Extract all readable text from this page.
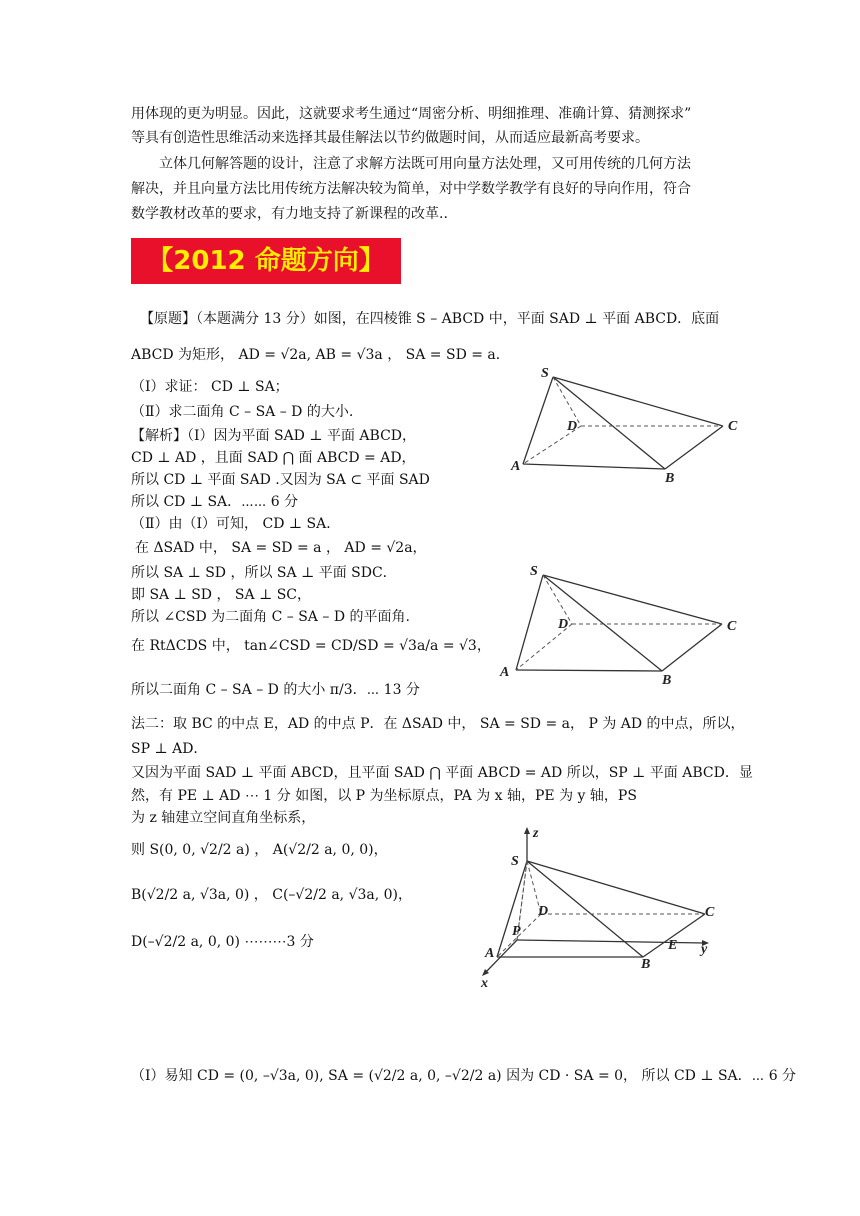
用体现的更为明显。因此，这就要求考生通过“周密分析、明细推理、准确计算、猜测探求”
等具有创造性思维活动来选择其最佳解法以节约做题时间，从而适应最新高考要求。
立体几何解答题的设计，注意了求解方法既可用向量方法处理，又可用传统的几何方法
解决，并且向量方法比用传统方法解决较为简单，对中学数学教学有良好的导向作用，符合
数学教材改革的要求，有力地支持了新课程的改革..
【2012 命题方向】
【原题】（本题满分 13 分）如图，在四棱锥 S – ABCD 中，平面 SAD ⊥ 平面 ABCD．底面
ABCD 为矩形， AD = √2a, AB = √3a ， SA = SD = a．
（Ⅰ）求证： CD ⊥ SA；
（Ⅱ）求二面角 C – SA – D 的大小.
【解析】（Ⅰ）因为平面 SAD ⊥ 平面 ABCD，
CD ⊥ AD ，且面 SAD ⋂ 面 ABCD = AD，
所以 CD ⊥ 平面 SAD .又因为 SA ⊂ 平面 SAD
所以 CD ⊥ SA．⋯⋯ 6 分
（Ⅱ）由（Ⅰ）可知， CD ⊥ SA．
在 ΔSAD 中， SA = SD = a ， AD = √2a，
所以 SA ⊥ SD ，所以 SA ⊥ 平面 SDC．
即 SA ⊥ SD ， SA ⊥ SC，
所以 ∠CSD 为二面角 C – SA – D 的平面角.
在 RtΔCDS 中， tan∠CSD = CD/SD = √3a/a = √3，
所以二面角 C – SA – D 的大小 π/3．⋯ 13 分
法二：取 BC 的中点 E，AD 的中点 P．在 ΔSAD 中， SA = SD = a， P 为 AD 的中点，所以，
SP ⊥ AD．
又因为平面 SAD ⊥ 平面 ABCD，且平面 SAD ⋂ 平面 ABCD = AD 所以，SP ⊥ 平面 ABCD．显
然，有 PE ⊥ AD ⋯ 1 分 如图，以 P 为坐标原点，PA 为 x 轴，PE 为 y 轴，PS
为 z 轴建立空间直角坐标系，
则 S(0, 0, √2/2 a) ， A(√2/2 a, 0, 0)，
B(√2/2 a, √3a, 0) ， C(–√2/2 a, √3a, 0)，
D(–√2/2 a, 0, 0) ⋯⋯⋯3 分
（Ⅰ）易知 CD = (0, –√3a, 0), SA = (√2/2 a, 0, –√2/2 a) 因为 CD · SA = 0， 所以 CD ⊥ SA．⋯ 6 分
S
D	C
A
B
S
D	C
A
B
z
S
D	C
P
A
B
E y
x
